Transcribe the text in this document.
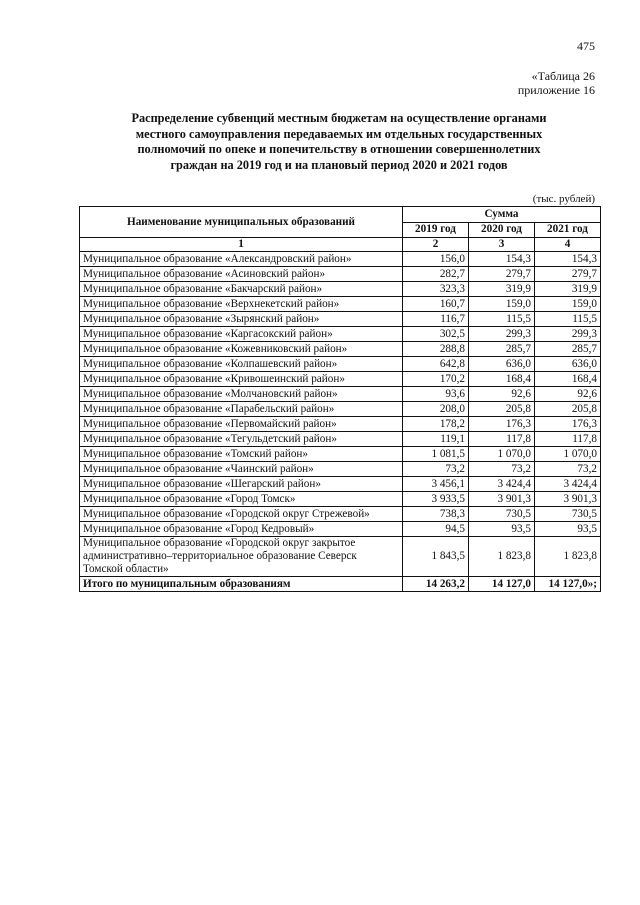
475
«Таблица 26
приложение 16
Распределение субвенций местным бюджетам на осуществление органами
местного самоуправления передаваемых им отдельных государственных
полномочий по опеке и попечительству в отношении совершеннолетних
граждан на 2019 год и на плановый период 2020 и 2021 годов
(тыс. рублей)
Наименование муниципальных образований	Сумма		
	2019 год	2020 год	2021 год
1	2	3	4
Муниципальное образование «Александровский район»	156,0	154,3	154,3
Муниципальное образование «Асиновский район»	282,7	279,7	279,7
Муниципальное образование «Бакчарский район»	323,3	319,9	319,9
Муниципальное образование «Верхнекетский район»	160,7	159,0	159,0
Муниципальное образование «Зырянский район»	116,7	115,5	115,5
Муниципальное образование «Каргасокский район»	302,5	299,3	299,3
Муниципальное образование «Кожевниковский район»	288,8	285,7	285,7
Муниципальное образование «Колпашевский район»	642,8	636,0	636,0
Муниципальное образование «Кривошеинский район»	170,2	168,4	168,4
Муниципальное образование «Молчановский район»	93,6	92,6	92,6
Муниципальное образование «Парабельский район»	208,0	205,8	205,8
Муниципальное образование «Первомайский район»	178,2	176,3	176,3
Муниципальное образование «Тегульдетский район»	119,1	117,8	117,8
Муниципальное образование «Томский район»	1 081,5	1 070,0	1 070,0
Муниципальное образование «Чаинский район»	73,2	73,2	73,2
Муниципальное образование «Шегарский район»	3 456,1	3 424,4	3 424,4
Муниципальное образование «Город Томск»	3 933,5	3 901,3	3 901,3
Муниципальное образование «Городской округ Стрежевой»	738,3	730,5	730,5
Муниципальное образование «Город Кедровый»	94,5	93,5	93,5
Муниципальное образование «Городской округ закрытое административно–территориальное образование Северск Томской области»	1 843,5	1 823,8	1 823,8
Итого по муниципальным образованиям	14 263,2	14 127,0	14 127,0»;
